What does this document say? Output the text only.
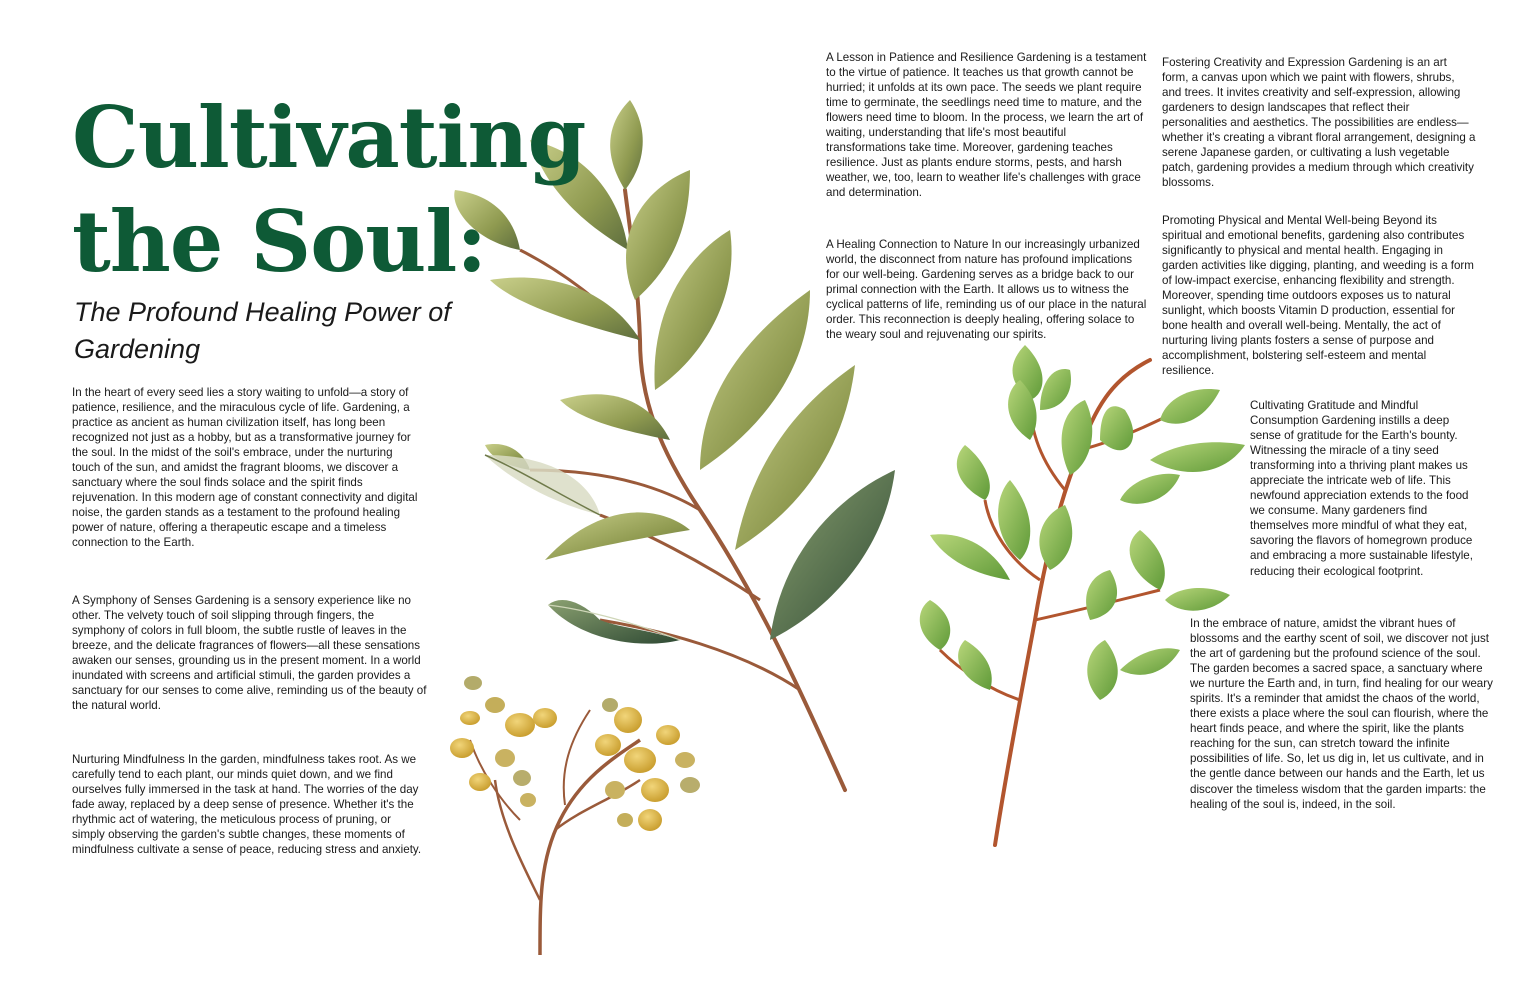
Cultivating
the Soul:
The Profound Healing Power of Gardening

In the heart of every seed lies a story waiting to unfold—a story of patience, resilience, and the miraculous cycle of life. Gardening, a practice as ancient as human civilization itself, has long been recognized not just as a hobby, but as a transformative journey for the soul. In the midst of the soil's embrace, under the nurturing touch of the sun, and amidst the fragrant blooms, we discover a sanctuary where the soul finds solace and the spirit finds rejuvenation. In this modern age of constant connectivity and digital noise, the garden stands as a testament to the profound healing power of nature, offering a therapeutic escape and a timeless connection to the Earth.

A Symphony of Senses Gardening is a sensory experience like no other. The velvety touch of soil slipping through fingers, the symphony of colors in full bloom, the subtle rustle of leaves in the breeze, and the delicate fragrances of flowers—all these sensations awaken our senses, grounding us in the present moment. In a world inundated with screens and artificial stimuli, the garden provides a sanctuary for our senses to come alive, reminding us of the beauty of the natural world.

Nurturing Mindfulness In the garden, mindfulness takes root. As we carefully tend to each plant, our minds quiet down, and we find ourselves fully immersed in the task at hand. The worries of the day fade away, replaced by a deep sense of presence. Whether it's the rhythmic act of watering, the meticulous process of pruning, or simply observing the garden's subtle changes, these moments of mindfulness cultivate a sense of peace, reducing stress and anxiety.

A Lesson in Patience and Resilience Gardening is a testament to the virtue of patience. It teaches us that growth cannot be hurried; it unfolds at its own pace. The seeds we plant require time to germinate, the seedlings need time to mature, and the flowers need time to bloom. In the process, we learn the art of waiting, understanding that life's most beautiful transformations take time. Moreover, gardening teaches resilience. Just as plants endure storms, pests, and harsh weather, we, too, learn to weather life's challenges with grace and determination.

A Healing Connection to Nature In our increasingly urbanized world, the disconnect from nature has profound implications for our well-being. Gardening serves as a bridge back to our primal connection with the Earth. It allows us to witness the cyclical patterns of life, reminding us of our place in the natural order. This reconnection is deeply healing, offering solace to the weary soul and rejuvenating our spirits.

Fostering Creativity and Expression Gardening is an art form, a canvas upon which we paint with flowers, shrubs, and trees. It invites creativity and self-expression, allowing gardeners to design landscapes that reflect their personalities and aesthetics. The possibilities are endless—whether it's creating a vibrant floral arrangement, designing a serene Japanese garden, or cultivating a lush vegetable patch, gardening provides a medium through which creativity blossoms.

Promoting Physical and Mental Well-being Beyond its spiritual and emotional benefits, gardening also contributes significantly to physical and mental health. Engaging in garden activities like digging, planting, and weeding is a form of low-impact exercise, enhancing flexibility and strength. Moreover, spending time outdoors exposes us to natural sunlight, which boosts Vitamin D production, essential for bone health and overall well-being. Mentally, the act of nurturing living plants fosters a sense of purpose and accomplishment, bolstering self-esteem and mental resilience.

Cultivating Gratitude and Mindful Consumption Gardening instills a deep sense of gratitude for the Earth's bounty. Witnessing the miracle of a tiny seed transforming into a thriving plant makes us appreciate the intricate web of life. This newfound appreciation extends to the food we consume. Many gardeners find themselves more mindful of what they eat, savoring the flavors of homegrown produce and embracing a more sustainable lifestyle, reducing their ecological footprint.

In the embrace of nature, amidst the vibrant hues of blossoms and the earthy scent of soil, we discover not just the art of gardening but the profound science of the soul. The garden becomes a sacred space, a sanctuary where we nurture the Earth and, in turn, find healing for our weary spirits. It's a reminder that amidst the chaos of the world, there exists a place where the soul can flourish, where the heart finds peace, and where the spirit, like the plants reaching for the sun, can stretch toward the infinite possibilities of life. So, let us dig in, let us cultivate, and in the gentle dance between our hands and the Earth, let us discover the timeless wisdom that the garden imparts: the healing of the soul is, indeed, in the soil.
